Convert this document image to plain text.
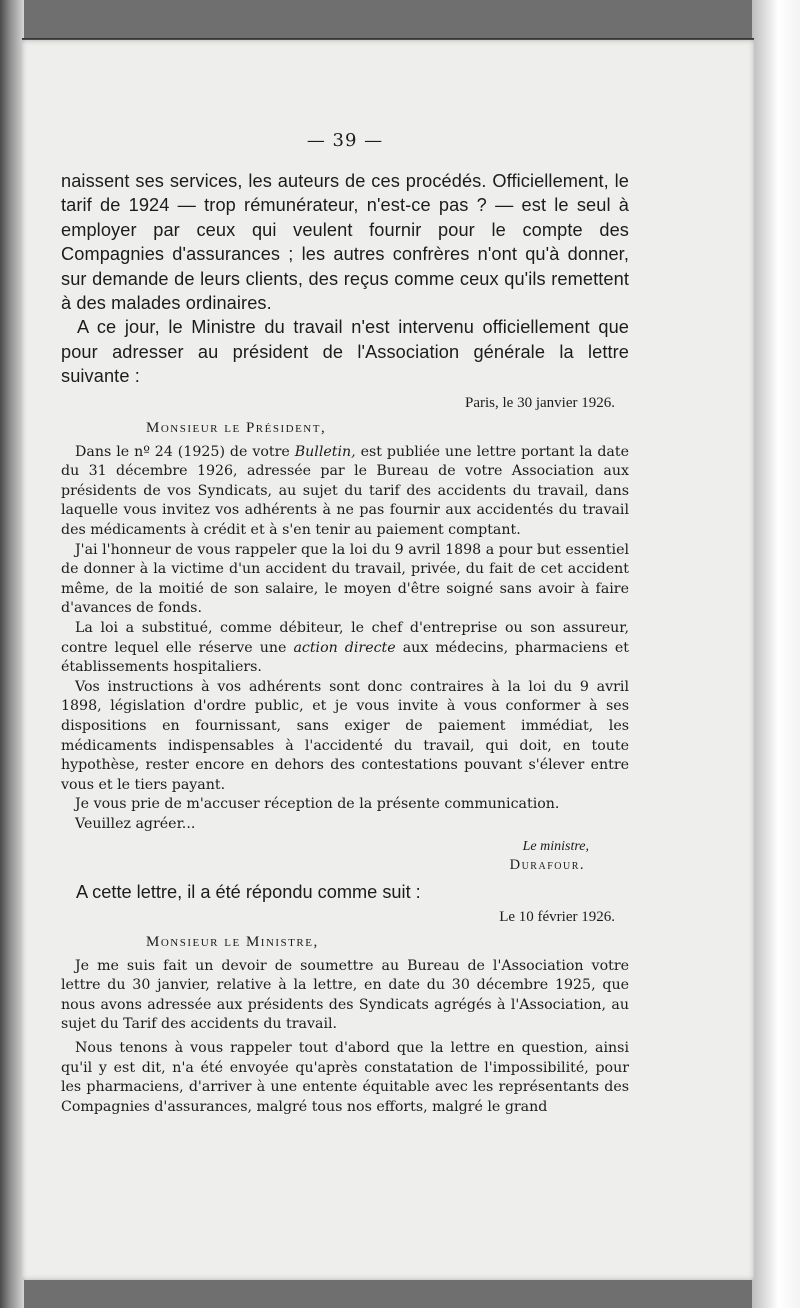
— 39 —

naissent ses services, les auteurs de ces procédés. Officiellement, le tarif de 1924 — trop rémunérateur, n'est-ce pas ? — est le seul à employer par ceux qui veulent fournir pour le compte des Compagnies d'assurances ; les autres confrères n'ont qu'à donner, sur demande de leurs clients, des reçus comme ceux qu'ils remettent à des malades ordinaires.

A ce jour, le Ministre du travail n'est intervenu officiellement que pour adresser au président de l'Association générale la lettre suivante :

Paris, le 30 janvier 1926.
Monsieur le Président,

Dans le nº 24 (1925) de votre Bulletin, est publiée une lettre portant la date du 31 décembre 1926, adressée par le Bureau de votre Association aux présidents de vos Syndicats, au sujet du tarif des accidents du travail, dans laquelle vous invitez vos adhérents à ne pas fournir aux accidentés du travail des médicaments à crédit et à s'en tenir au paiement comptant.

J'ai l'honneur de vous rappeler que la loi du 9 avril 1898 a pour but essentiel de donner à la victime d'un accident du travail, privée, du fait de cet accident même, de la moitié de son salaire, le moyen d'être soigné sans avoir à faire d'avances de fonds.

La loi a substitué, comme débiteur, le chef d'entreprise ou son assureur, contre lequel elle réserve une action directe aux médecins, pharmaciens et établissements hospitaliers.

Vos instructions à vos adhérents sont donc contraires à la loi du 9 avril 1898, législation d'ordre public, et je vous invite à vous conformer à ses dispositions en fournissant, sans exiger de paiement immédiat, les médicaments indispensables à l'accidenté du travail, qui doit, en toute hypothèse, rester encore en dehors des contestations pouvant s'élever entre vous et le tiers payant.

Je vous prie de m'accuser réception de la présente communication.

Veuillez agréer...

Le ministre,
Durafour.
A cette lettre, il a été répondu comme suit :
Le 10 février 1926.
Monsieur le Ministre,

Je me suis fait un devoir de soumettre au Bureau de l'Association votre lettre du 30 janvier, relative à la lettre, en date du 30 décembre 1925, que nous avons adressée aux présidents des Syndicats agrégés à l'Association, au sujet du Tarif des accidents du travail.

Nous tenons à vous rappeler tout d'abord que la lettre en question, ainsi qu'il y est dit, n'a été envoyée qu'après constatation de l'impossibilité, pour les pharmaciens, d'arriver à une entente équitable avec les représentants des Compagnies d'assurances, malgré tous nos efforts, malgré le grand
